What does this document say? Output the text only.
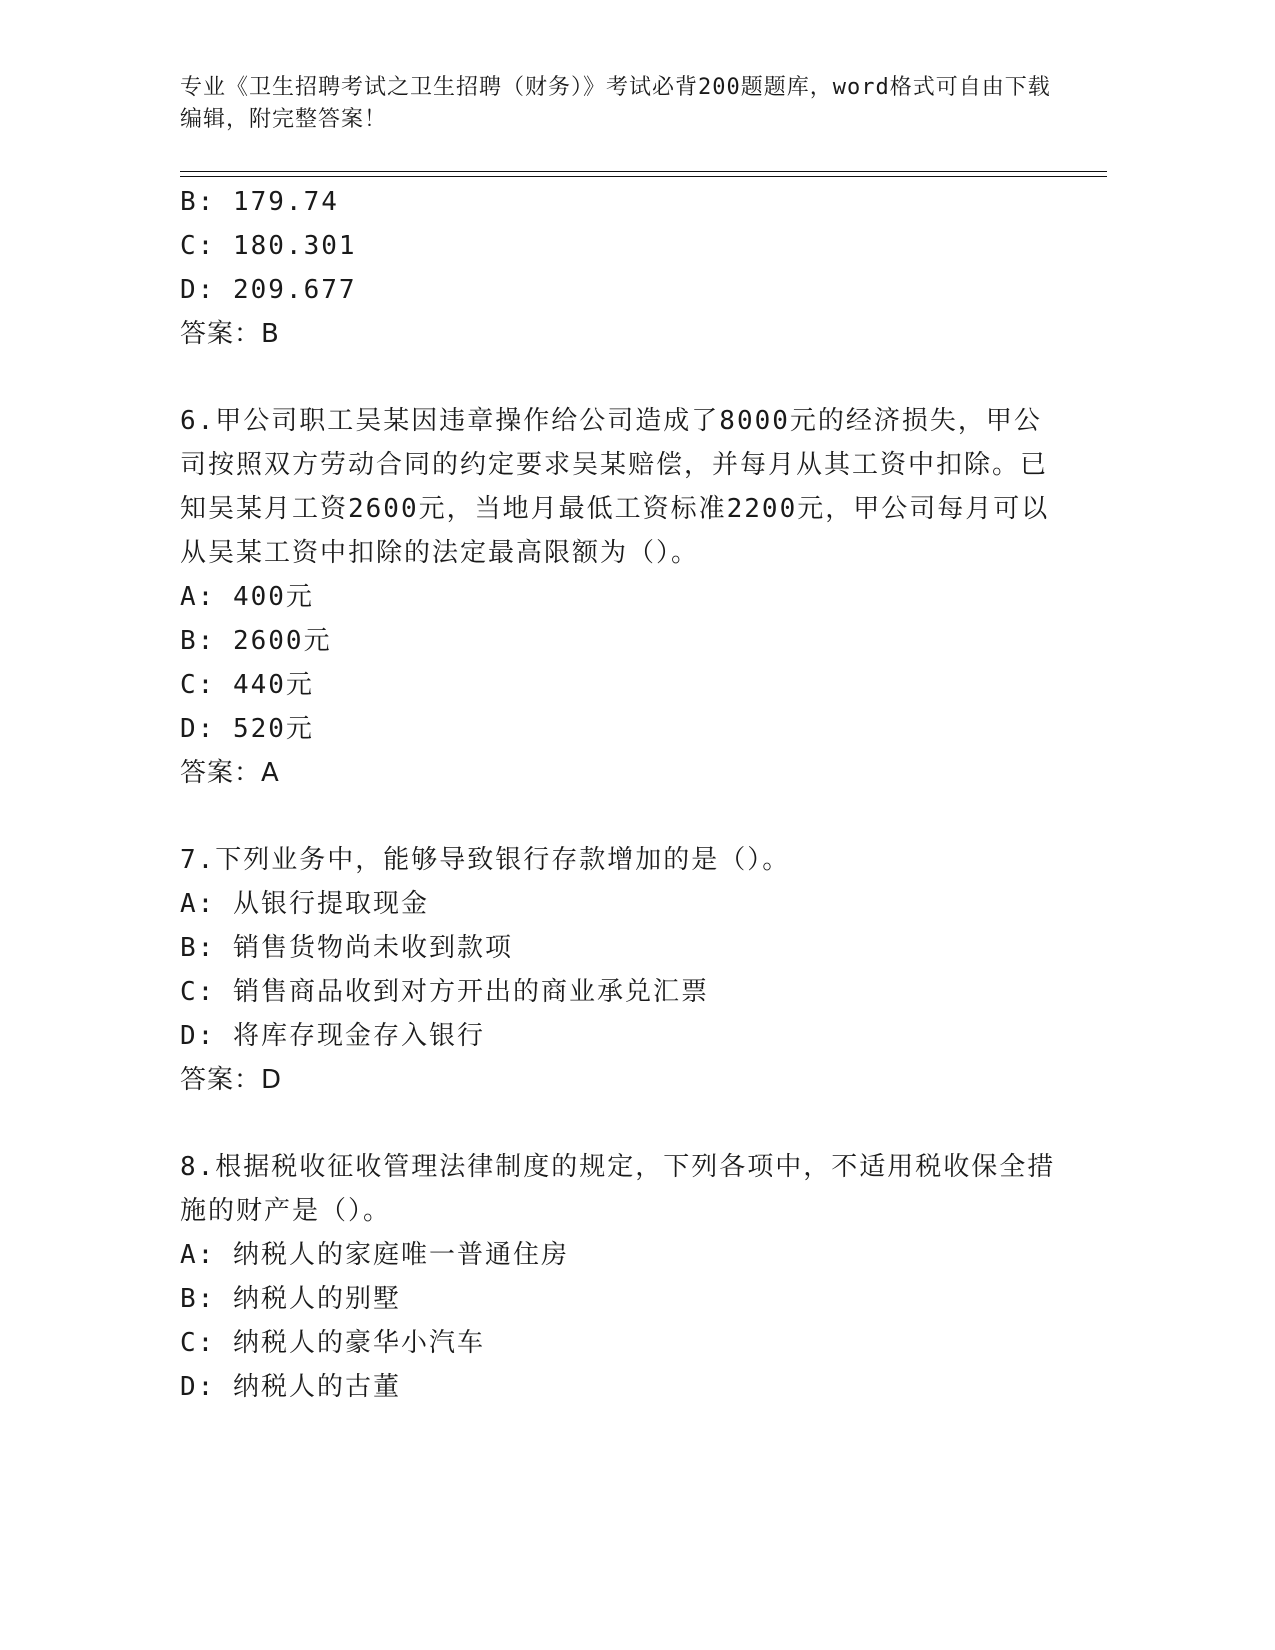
专业《卫生招聘考试之卫生招聘（财务）》考试必背200题题库，word格式可自由下载编辑，附完整答案！
B: 179.74
C: 180.301
D: 209.677
答案：B
6.甲公司职工吴某因违章操作给公司造成了8000元的经济损失，甲公司按照双方劳动合同的约定要求吴某赔偿，并每月从其工资中扣除。已知吴某月工资2600元，当地月最低工资标准2200元，甲公司每月可以从吴某工资中扣除的法定最高限额为（）。
A: 400元
B: 2600元
C: 440元
D: 520元
答案：A
7.下列业务中，能够导致银行存款增加的是（）。
A: 从银行提取现金
B: 销售货物尚未收到款项
C: 销售商品收到对方开出的商业承兑汇票
D: 将库存现金存入银行
答案：D
8.根据税收征收管理法律制度的规定，下列各项中，不适用税收保全措施的财产是（）。
A: 纳税人的家庭唯一普通住房
B: 纳税人的别墅
C: 纳税人的豪华小汽车
D: 纳税人的古董
